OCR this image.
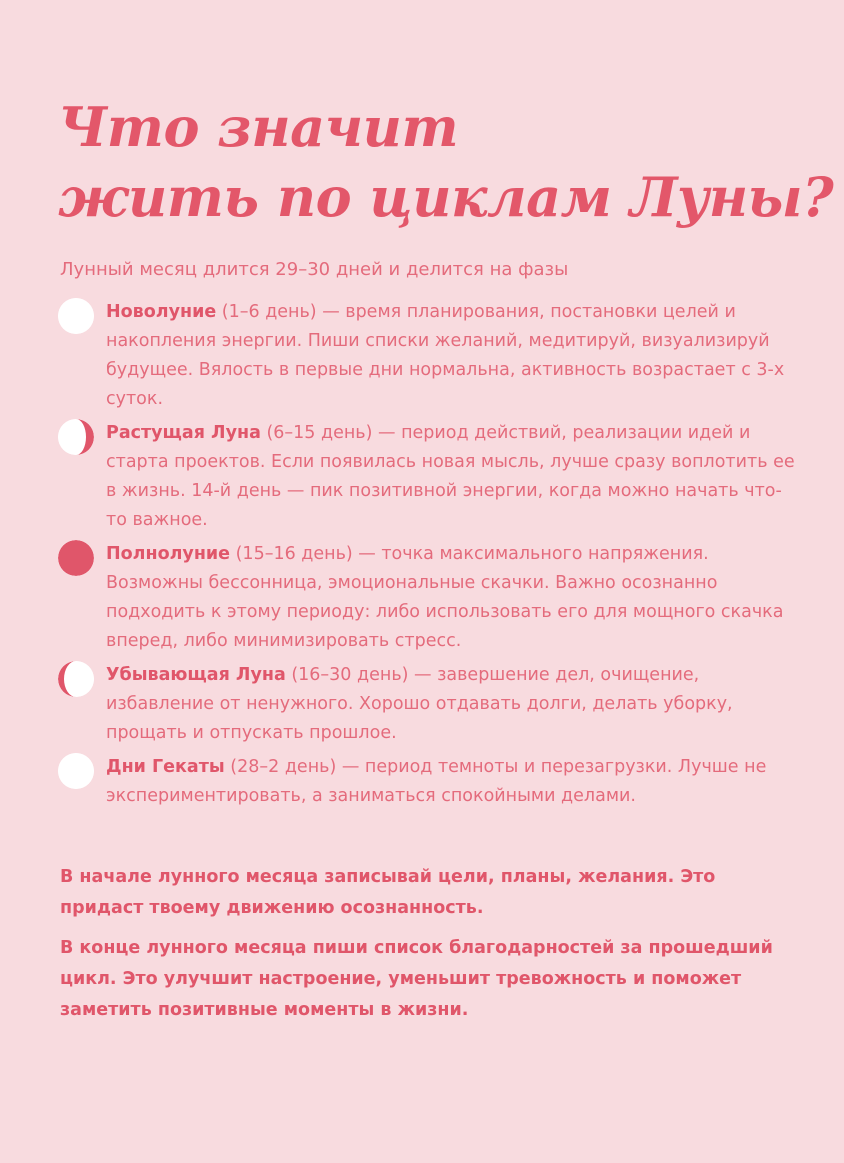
Что значит
жить по циклам Луны?
Лунный месяц длится 29–30 дней и делится на фазы

Новолуние (1–6 день) — время планирования, постановки целей и накопления энергии. Пиши списки желаний, медитируй, визуализируй будущее. Вялость в первые дни нормальна, активность возрастает с 3-х суток.

Растущая Луна (6–15 день) — период действий, реализации идей и старта проектов. Если появилась новая мысль, лучше сразу воплотить ее в жизнь. 14-й день — пик позитивной энергии, когда можно начать что-то важное.

Полнолуние (15–16 день) — точка максимального напряжения. Возможны бессонница, эмоциональные скачки. Важно осознанно подходить к этому периоду: либо использовать его для мощного скачка вперед, либо минимизировать стресс.

Убывающая Луна (16–30 день) — завершение дел, очищение, избавление от ненужного. Хорошо отдавать долги, делать уборку, прощать и отпускать прошлое.

Дни Гекаты (28–2 день) — период темноты и перезагрузки. Лучше не экспериментировать, а заниматься спокойными делами.

В начале лунного месяца записывай цели, планы, желания. Это придаст твоему движению осознанность.

В конце лунного месяца пиши список благодарностей за прошедший цикл. Это улучшит настроение, уменьшит тревожность и поможет заметить позитивные моменты в жизни.
